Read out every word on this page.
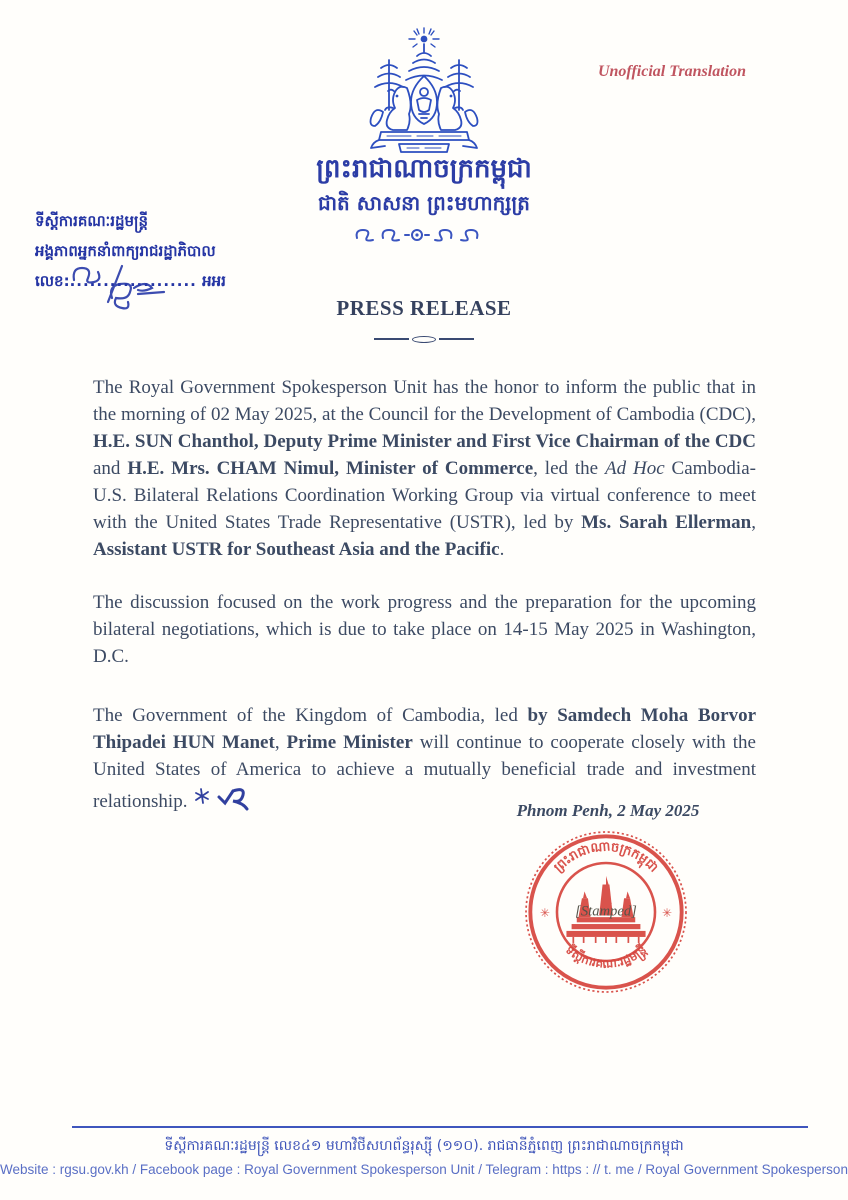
Unofficial Translation
ព្រះរាជាណាចក្រកម្ពុជា
ជាតិ សាសនា ព្រះមហាក្សត្រ
ទីស្តីការគណៈរដ្ឋមន្ត្រី
អង្គភាពអ្នកនាំពាក្យរាជរដ្ឋាភិបាល
លេខ:................... អអរ
PRESS RELEASE

The Royal Government Spokesperson Unit has the honor to inform the public that in the morning of 02 May 2025, at the Council for the Development of Cambodia (CDC), H.E. SUN Chanthol, Deputy Prime Minister and First Vice Chairman of the CDC and H.E. Mrs. CHAM Nimul, Minister of Commerce, led the Ad Hoc Cambodia-U.S. Bilateral Relations Coordination Working Group via virtual conference to meet with the United States Trade Representative (USTR), led by Ms. Sarah Ellerman, Assistant USTR for Southeast Asia and the Pacific.

The discussion focused on the work progress and the preparation for the upcoming bilateral negotiations, which is due to take place on 14-15 May 2025 in Washington, D.C.

The Government of the Kingdom of Cambodia, led by Samdech Moha Borvor Thipadei HUN Manet, Prime Minister will continue to cooperate closely with the United States of America to achieve a mutually beneficial trade and investment relationship.	Phnom Penh, 2 May 2025
ព្រះរាជាណាចក្រកម្ពុជា
ទីស្តីការគណៈរដ្ឋមន្ត្រី
✳	✳
[Stamped]
ទីស្តីការគណៈរដ្ឋមន្ត្រី លេខ៤១ មហាវិថីសហព័ន្ធរុស្ស៊ី (១១០). រាជធានីភ្នំពេញ ព្រះរាជាណាចក្រកម្ពុជា
Website : rgsu.gov.kh / Facebook page : Royal Government Spokesperson Unit / Telegram : https : // t. me / Royal Government Spokesperson
